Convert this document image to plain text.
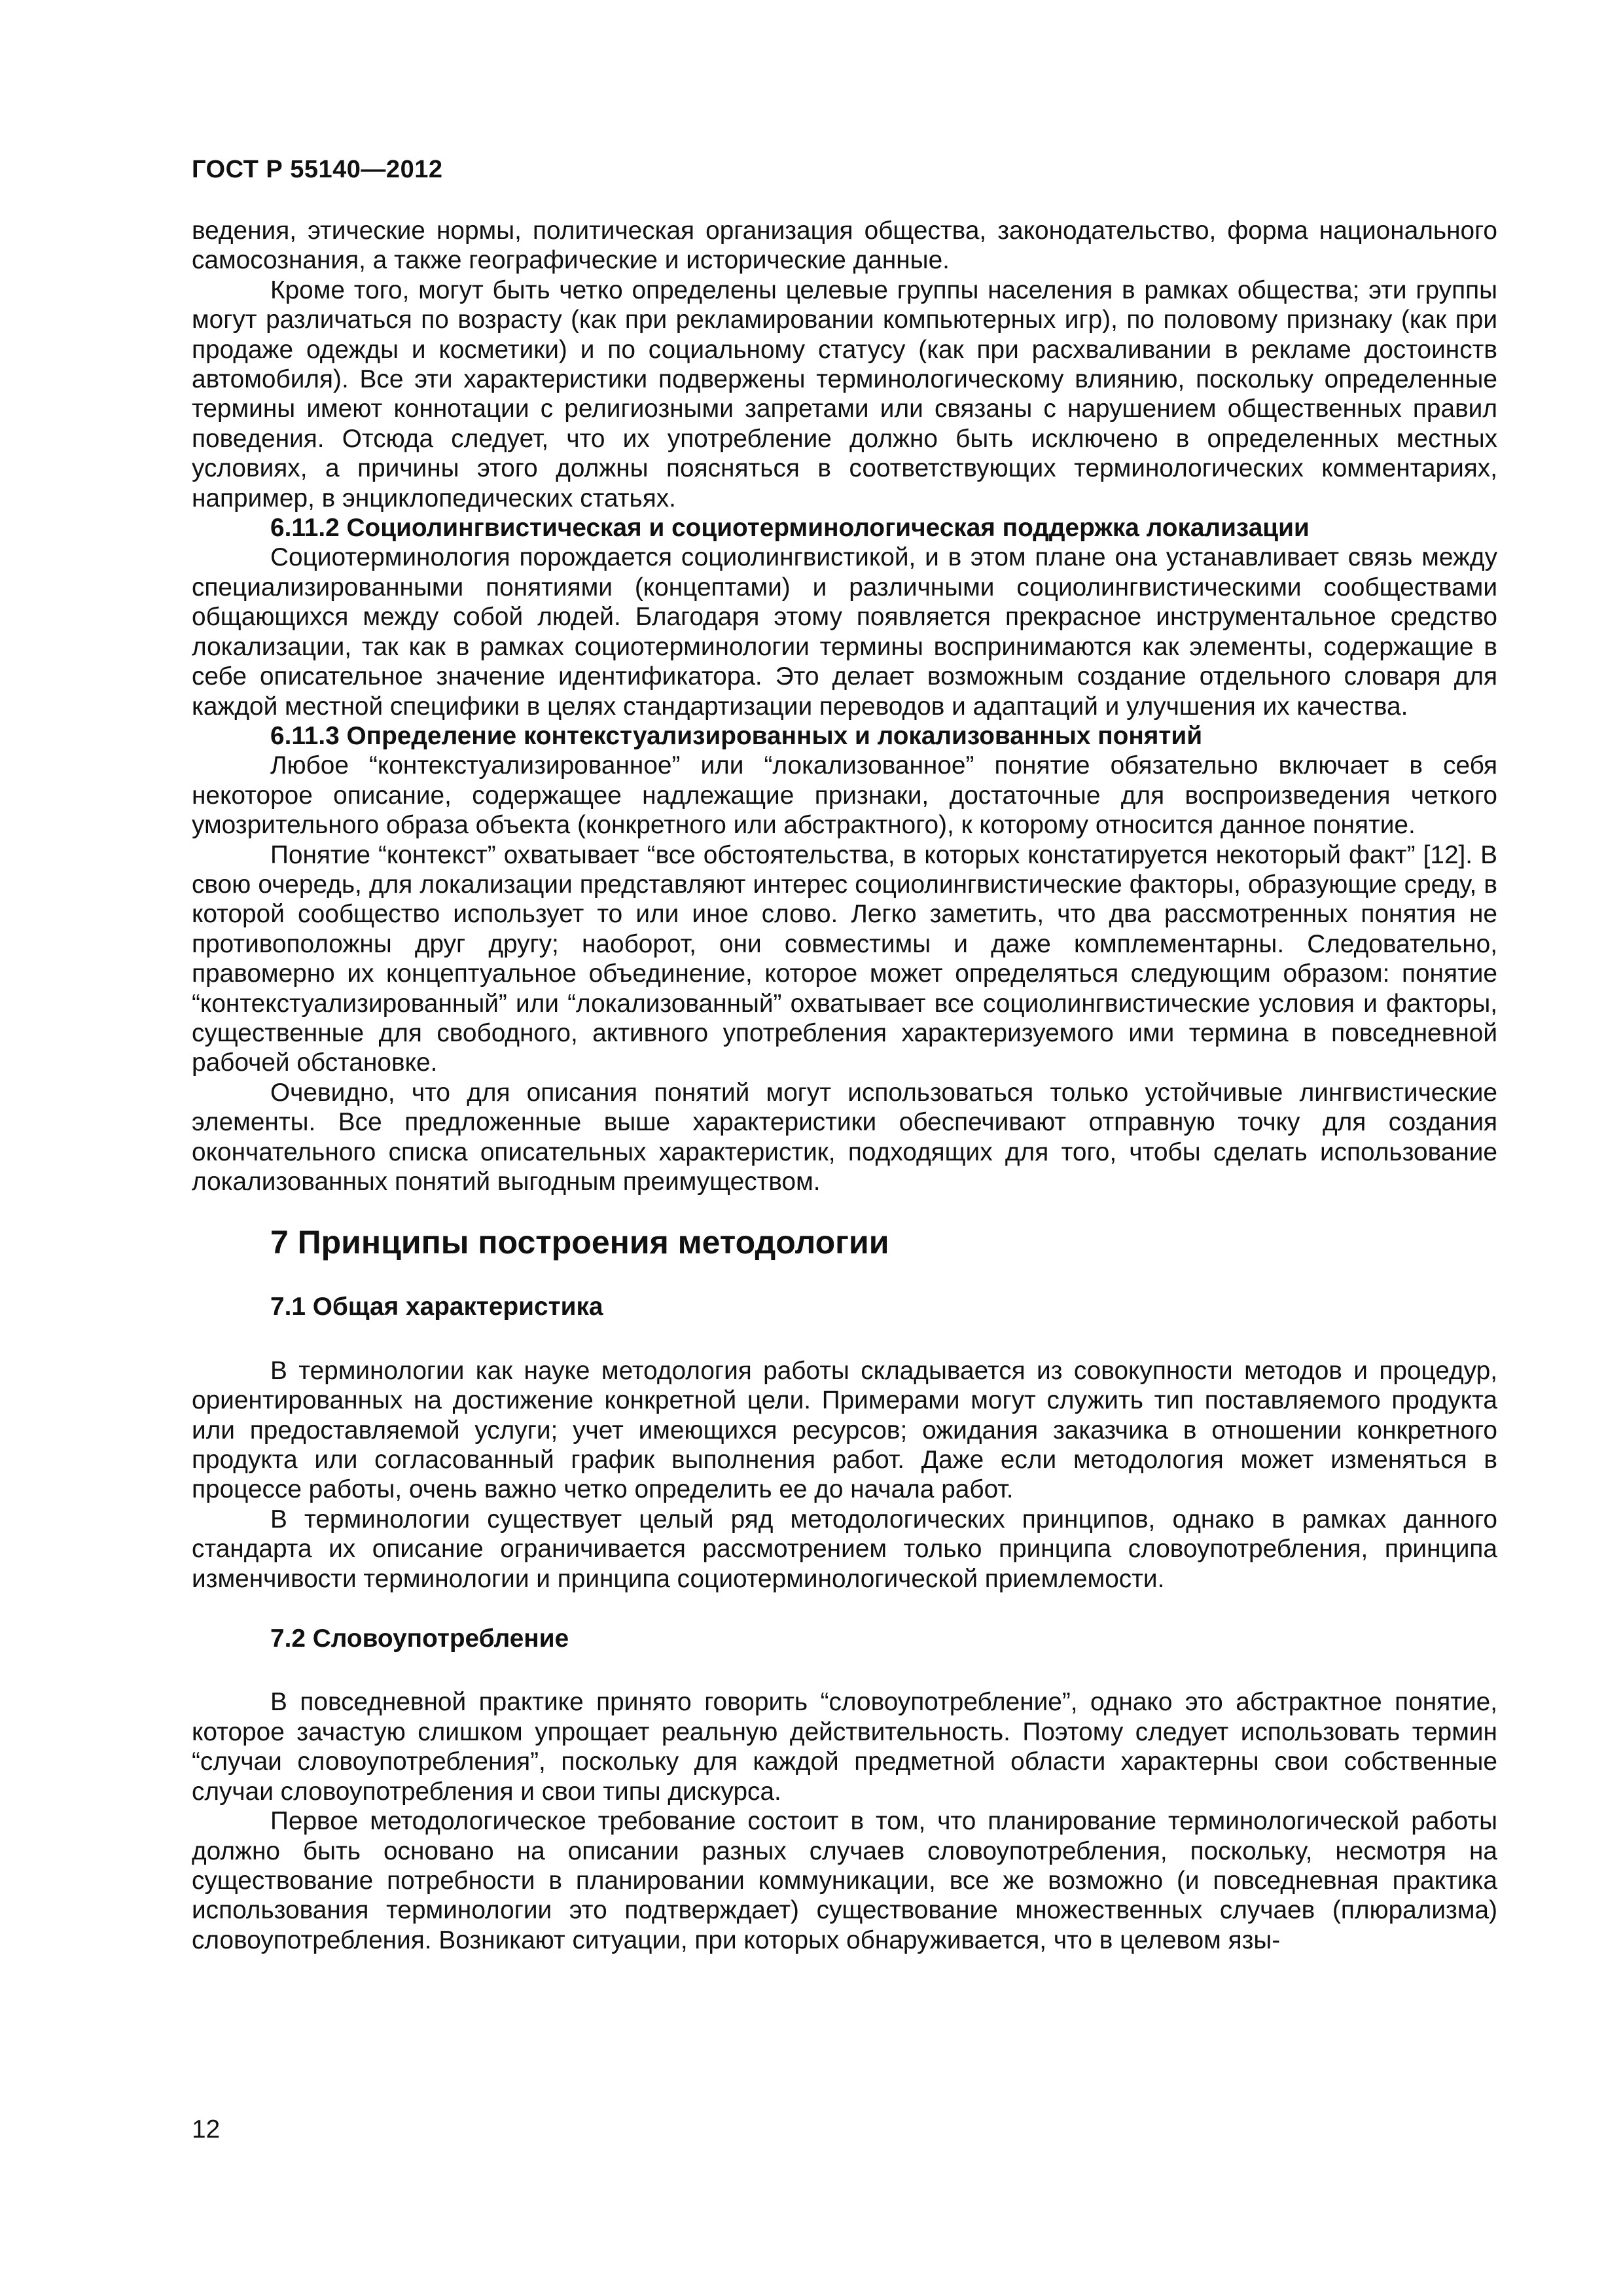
ГОСТ Р 55140—2012

ведения, этические нормы, политическая организация общества, законодательство, форма национального самосознания, а также географические и исторические данные.

Кроме того, могут быть четко определены целевые группы населения в рамках общества; эти группы могут различаться по возрасту (как при рекламировании компьютерных игр), по половому признаку (как при продаже одежды и косметики) и по социальному статусу (как при расхваливании в рекламе достоинств автомобиля). Все эти характеристики подвержены терминологическому влиянию, поскольку определенные термины имеют коннотации с религиозными запретами или связаны с нарушением общественных правил поведения. Отсюда следует, что их употребление должно быть исключено в определенных местных условиях, а причины этого должны поясняться в соответствующих терминологических комментариях, например, в энциклопедических статьях.

6.11.2 Социолингвистическая и социотерминологическая поддержка локализации

Социотерминология порождается социолингвистикой, и в этом плане она устанавливает связь между специализированными понятиями (концептами) и различными социолингвистическими сообществами общающихся между собой людей. Благодаря этому появляется прекрасное инструментальное средство локализации, так как в рамках социотерминологии термины воспринимаются как элементы, содержащие в себе описательное значение идентификатора. Это делает возможным создание отдельного словаря для каждой местной специфики в целях стандартизации переводов и адаптаций и улучшения их качества.

6.11.3 Определение контекстуализированных и локализованных понятий

Любое “контекстуализированное” или “локализованное” понятие обязательно включает в себя некоторое описание, содержащее надлежащие признаки, достаточные для воспроизведения четкого умозрительного образа объекта (конкретного или абстрактного), к которому относится данное понятие.

Понятие “контекст” охватывает “все обстоятельства, в которых констатируется некоторый факт” [12]. В свою очередь, для локализации представляют интерес социолингвистические факторы, образующие среду, в которой сообщество использует то или иное слово. Легко заметить, что два рассмотренных понятия не противоположны друг другу; наоборот, они совместимы и даже комплементарны. Следовательно, правомерно их концептуальное объединение, которое может определяться следующим образом: понятие “контекстуализированный” или “локализованный” охватывает все социолингвистические условия и факторы, существенные для свободного, активного употребления характеризуемого ими термина в повседневной рабочей обстановке.

Очевидно, что для описания понятий могут использоваться только устойчивые лингвистические элементы. Все предложенные выше характеристики обеспечивают отправную точку для создания окончательного списка описательных характеристик, подходящих для того, чтобы сделать использование локализованных понятий выгодным преимуществом.

7 Принципы построения методологии
7.1 Общая характеристика

В терминологии как науке методология работы складывается из совокупности методов и процедур, ориентированных на достижение конкретной цели. Примерами могут служить тип поставляемого продукта или предоставляемой услуги; учет имеющихся ресурсов; ожидания заказчика в отношении конкретного продукта или согласованный график выполнения работ. Даже если методология может изменяться в процессе работы, очень важно четко определить ее до начала работ.

В терминологии существует целый ряд методологических принципов, однако в рамках данного стандарта их описание ограничивается рассмотрением только принципа словоупотребления, принципа изменчивости терминологии и принципа социотерминологической приемлемости.

7.2 Словоупотребление

В повседневной практике принято говорить “словоупотребление”, однако это абстрактное понятие, которое зачастую слишком упрощает реальную действительность. Поэтому следует использовать термин “случаи словоупотребления”, поскольку для каждой предметной области характерны свои собственные случаи словоупотребления и свои типы дискурса.

Первое методологическое требование состоит в том, что планирование терминологической работы должно быть основано на описании разных случаев словоупотребления, поскольку, несмотря на существование потребности в планировании коммуникации, все же возможно (и повседневная практика использования терминологии это подтверждает) существование множественных случаев (плюрализма) словоупотребления. Возникают ситуации, при которых обнаруживается, что в целевом язы-

12
